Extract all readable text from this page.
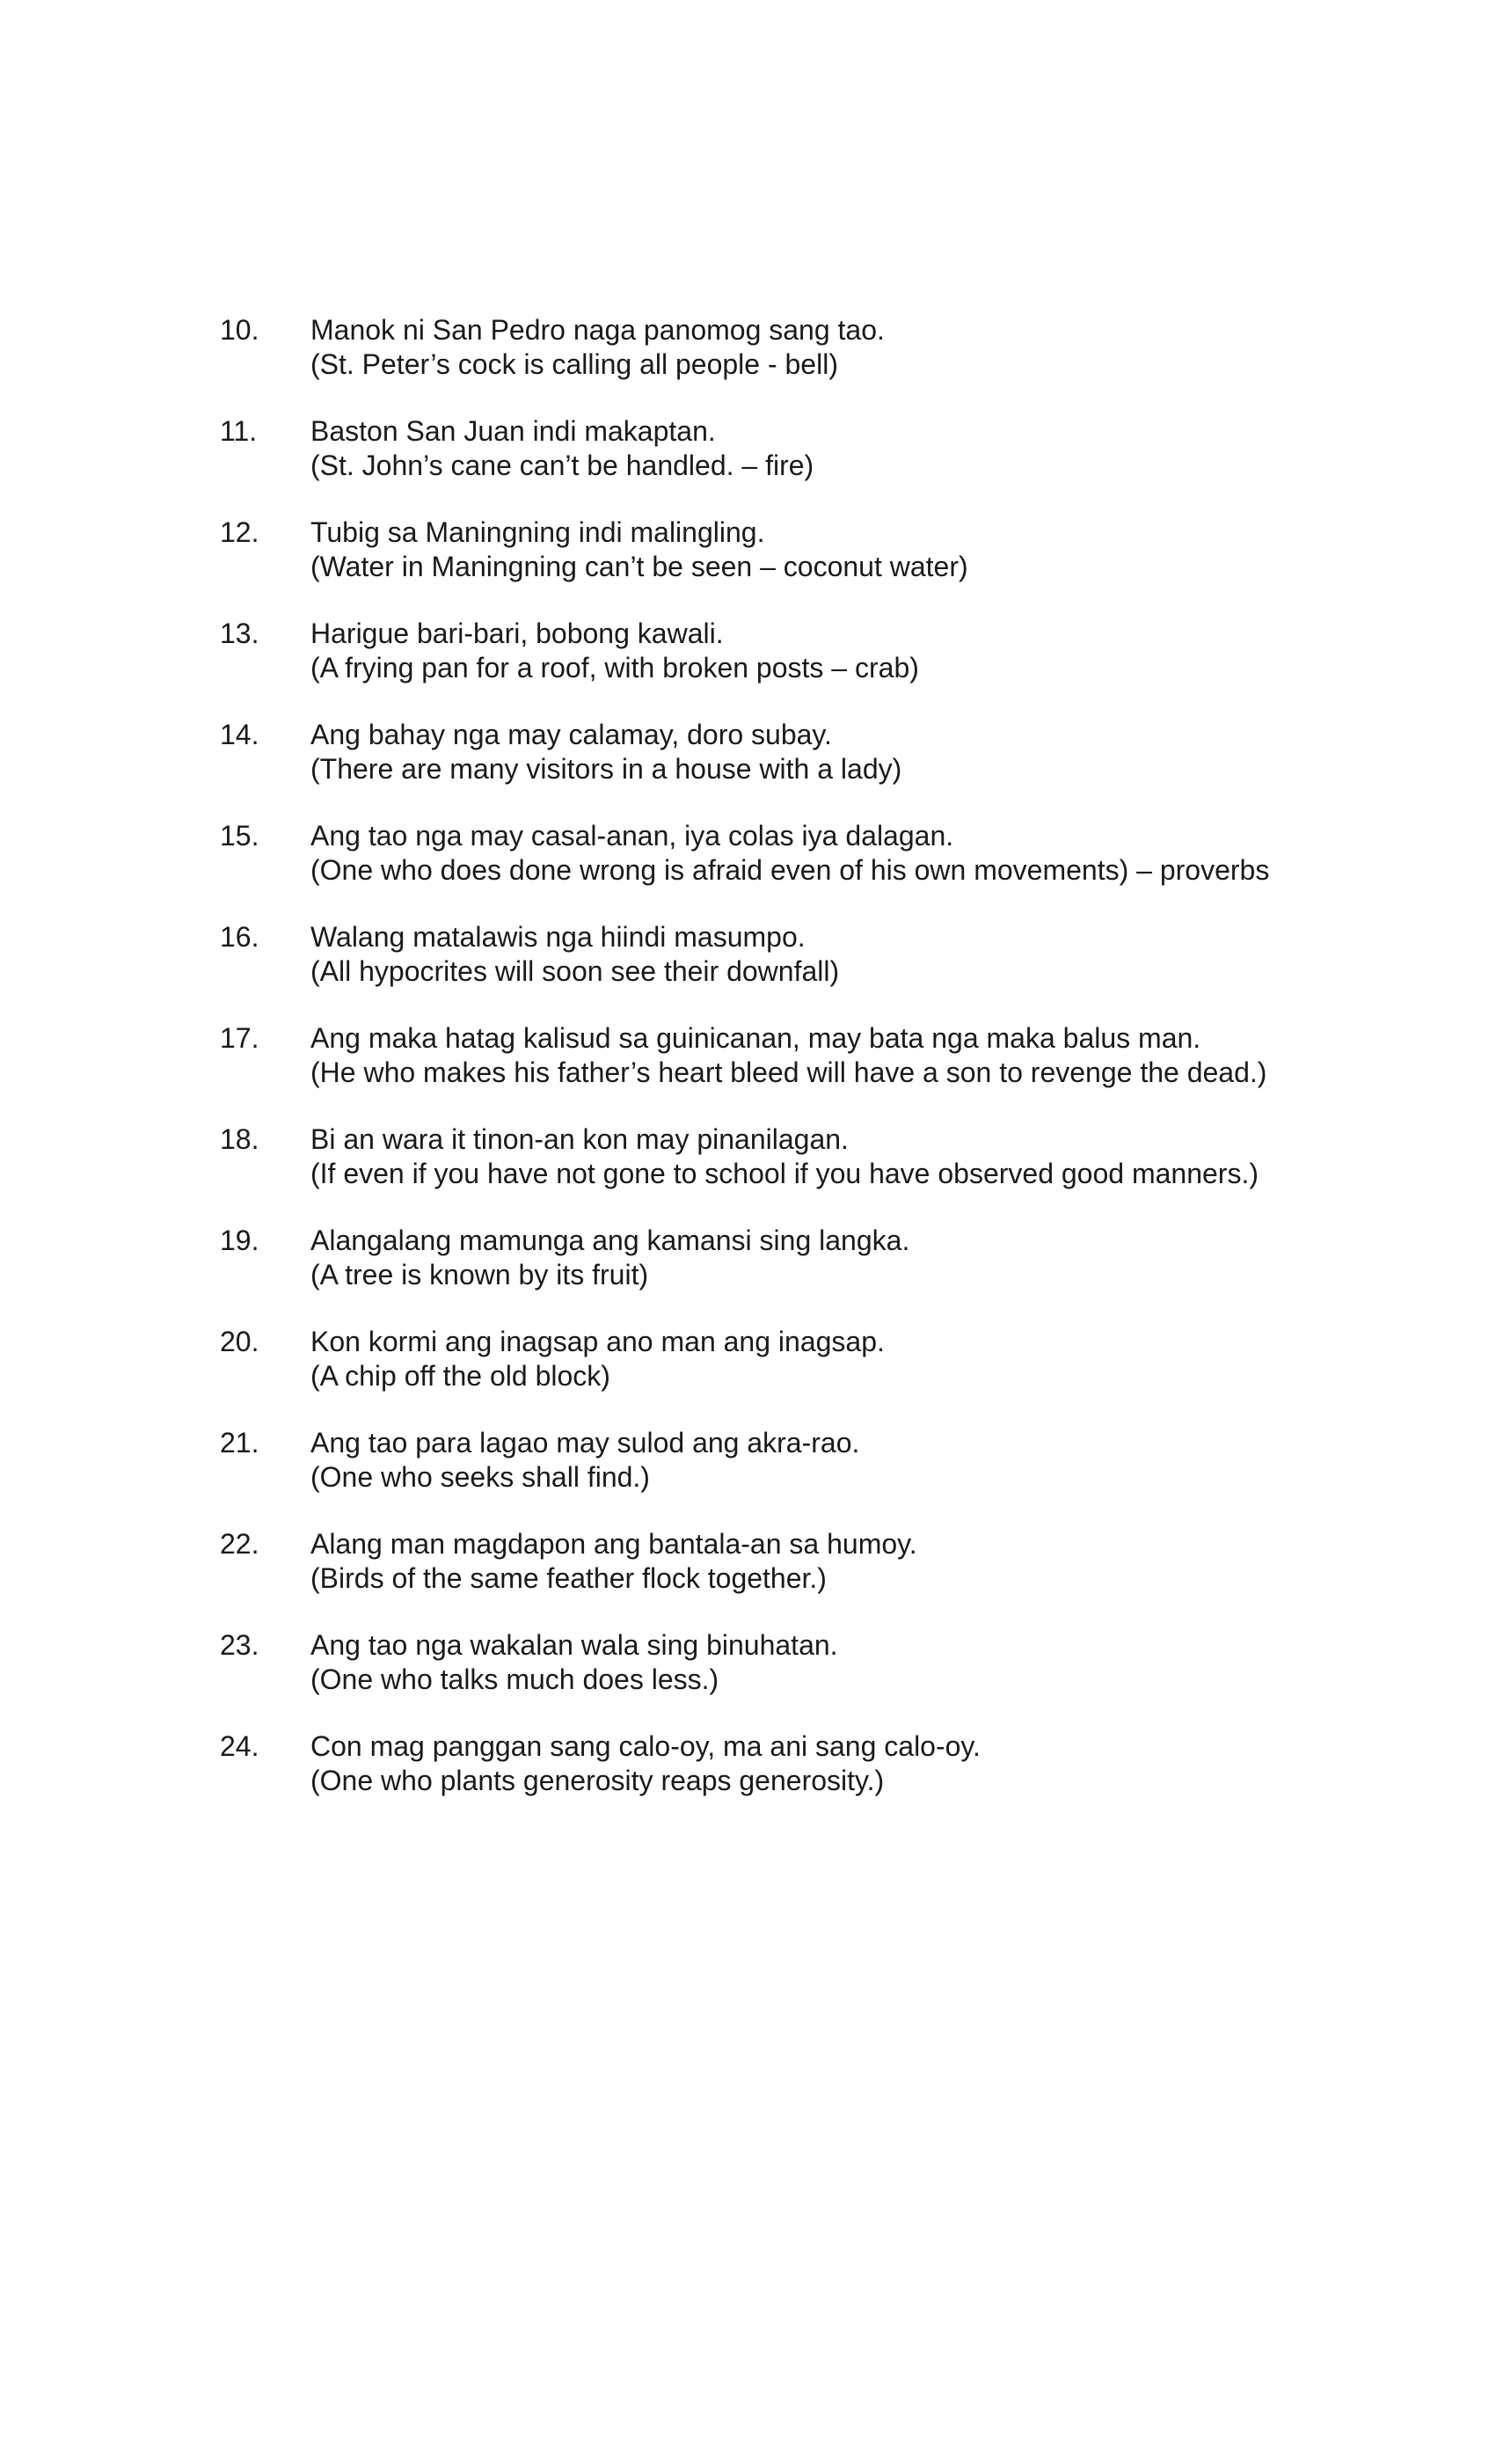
10.	Manok ni San Pedro naga panomog sang tao.
(St. Peter’s cock is calling all people - bell)
11.	Baston San Juan indi makaptan.
(St. John’s cane can’t be handled. – fire)
12.	Tubig sa Maningning indi malingling.
(Water in Maningning can’t be seen – coconut water)
13.	Harigue bari-bari, bobong kawali.
(A frying pan for a roof, with broken posts – crab)
14.	Ang bahay nga may calamay, doro subay.
(There are many visitors in a house with a lady)
15.	Ang tao nga may casal-anan, iya colas iya dalagan.
(One who does done wrong is afraid even of his own movements) – proverbs
16.	Walang matalawis nga hiindi masumpo.
(All hypocrites will soon see their downfall)
17.	Ang maka hatag kalisud sa guinicanan, may bata nga maka balus man.
(He who makes his father’s heart bleed will have a son to revenge the dead.)
18.	Bi an wara it tinon-an kon may pinanilagan.
(If even if you have not gone to school if you have observed good manners.)
19.	Alangalang mamunga ang kamansi sing langka.
(A tree is known by its fruit)
20.	Kon kormi ang inagsap ano man ang inagsap.
(A chip off the old block)
21.	Ang tao para lagao may sulod ang akra-rao.
(One who seeks shall find.)
22.	Alang man magdapon ang bantala-an sa humoy.
(Birds of the same feather flock together.)
23.	Ang tao nga wakalan wala sing binuhatan.
(One who talks much does less.)
24.	Con mag panggan sang calo-oy, ma ani sang calo-oy.
(One who plants generosity reaps generosity.)
